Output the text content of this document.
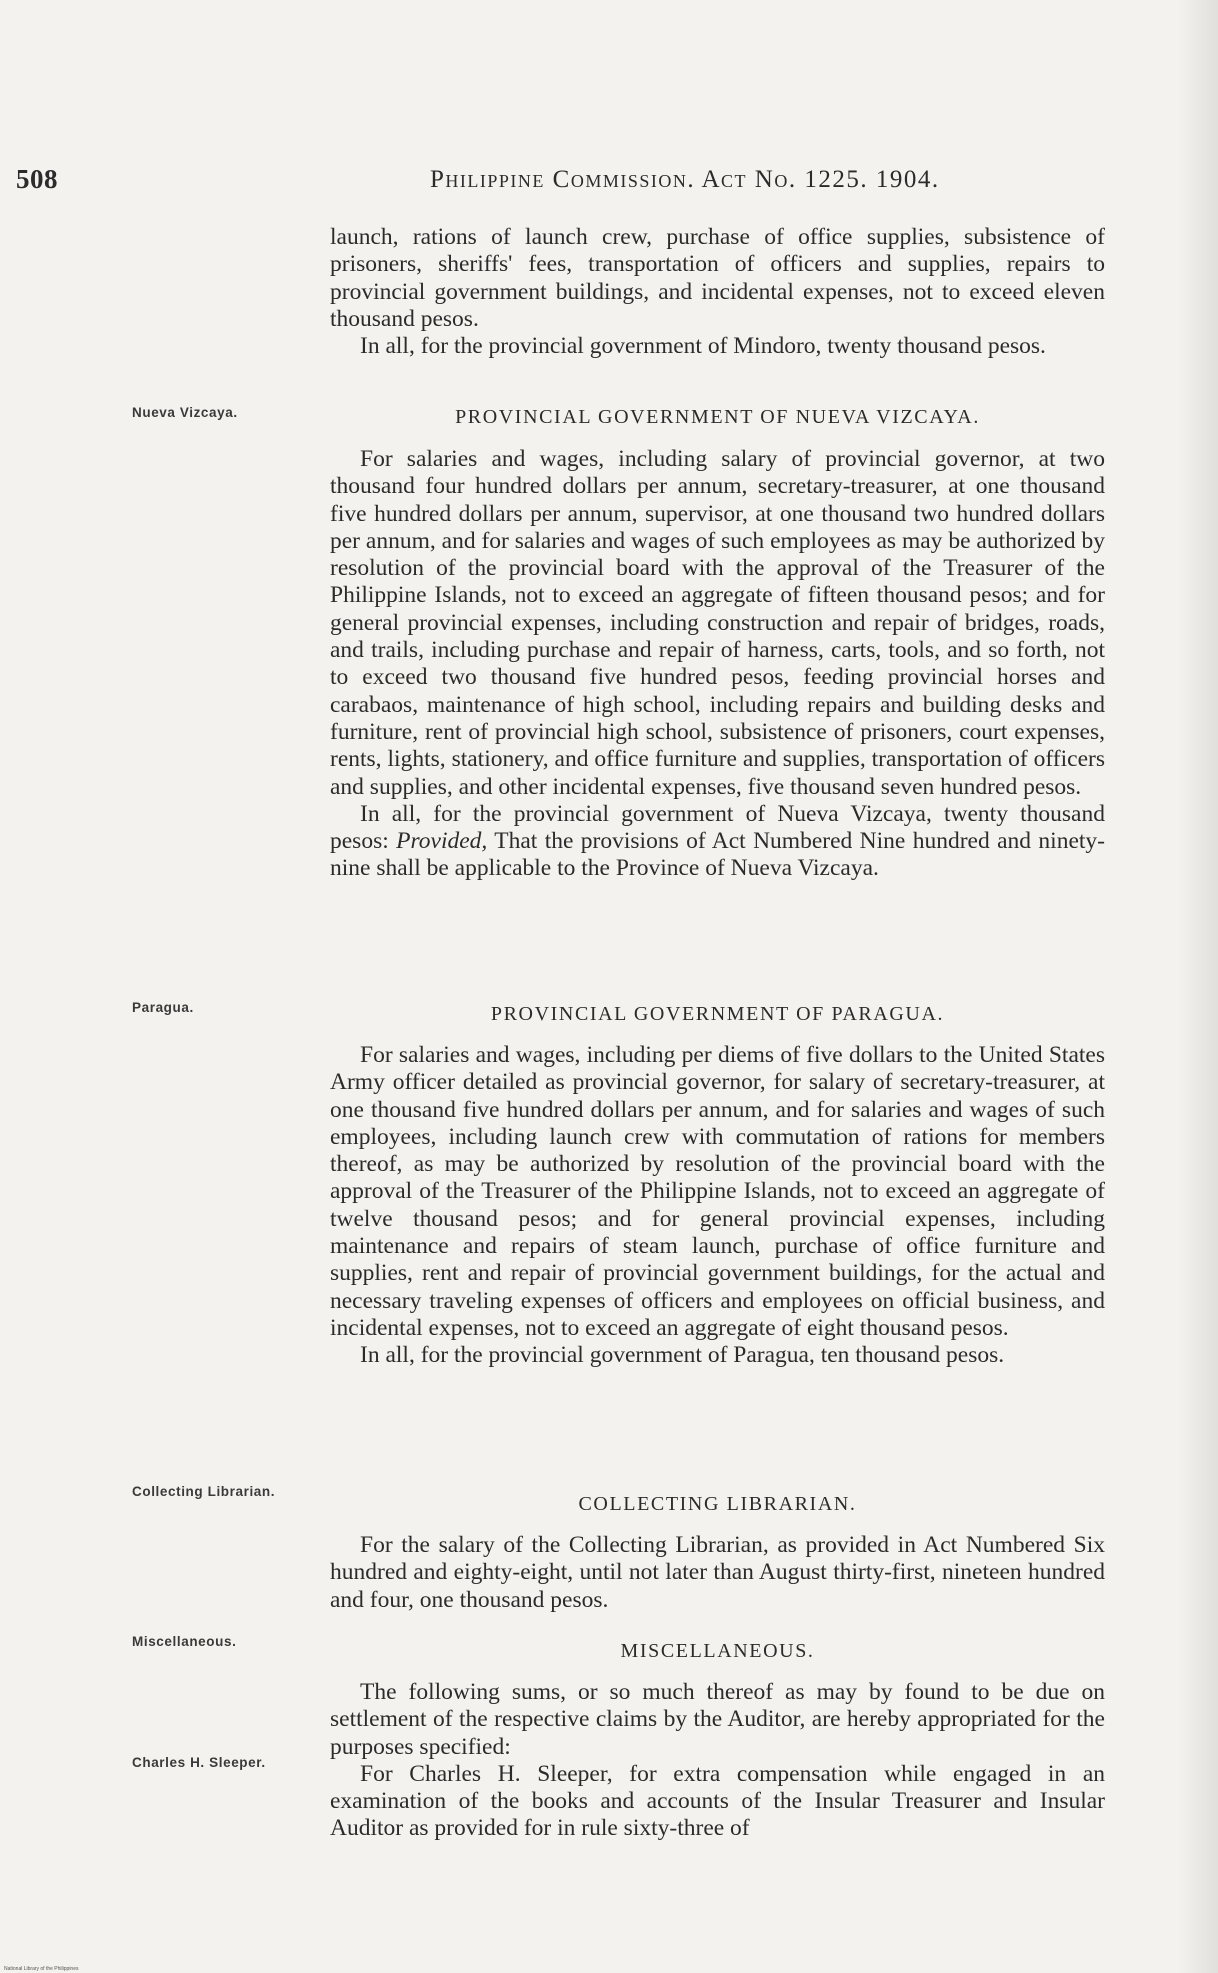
508	Philippine Commission. Act No. 1225. 1904.

launch, rations of launch crew, purchase of office supplies, subsistence of prisoners, sheriffs' fees, transportation of officers and supplies, repairs to provincial government buildings, and incidental expenses, not to exceed eleven thousand pesos.

In all, for the provincial government of Mindoro, twenty thousand pesos.

Nueva Vizcaya.	PROVINCIAL GOVERNMENT OF NUEVA VIZCAYA.

For salaries and wages, including salary of provincial governor, at two thousand four hundred dollars per annum, secretary-treasurer, at one thousand five hundred dollars per annum, supervisor, at one thousand two hundred dollars per annum, and for salaries and wages of such employees as may be authorized by resolution of the provincial board with the approval of the Treasurer of the Philippine Islands, not to exceed an aggregate of fifteen thousand pesos; and for general provincial expenses, including construction and repair of bridges, roads, and trails, including purchase and repair of harness, carts, tools, and so forth, not to exceed two thousand five hundred pesos, feeding provincial horses and carabaos, maintenance of high school, including repairs and building desks and furniture, rent of provincial high school, subsistence of prisoners, court expenses, rents, lights, stationery, and office furniture and supplies, transportation of officers and supplies, and other incidental expenses, five thousand seven hundred pesos.

In all, for the provincial government of Nueva Vizcaya, twenty thousand pesos: Provided, That the provisions of Act Numbered Nine hundred and ninety-nine shall be applicable to the Province of Nueva Vizcaya.

Paragua.	PROVINCIAL GOVERNMENT OF PARAGUA.

For salaries and wages, including per diems of five dollars to the United States Army officer detailed as provincial governor, for salary of secretary-treasurer, at one thousand five hundred dollars per annum, and for salaries and wages of such employees, including launch crew with commutation of rations for members thereof, as may be authorized by resolution of the provincial board with the approval of the Treasurer of the Philippine Islands, not to exceed an aggregate of twelve thousand pesos; and for general provincial expenses, including maintenance and repairs of steam launch, purchase of office furniture and supplies, rent and repair of provincial government buildings, for the actual and necessary traveling expenses of officers and employees on official business, and incidental expenses, not to exceed an aggregate of eight thousand pesos.

In all, for the provincial government of Paragua, ten thousand pesos.

Collecting Librarian.
COLLECTING LIBRARIAN.

For the salary of the Collecting Librarian, as provided in Act Numbered Six hundred and eighty-eight, until not later than August thirty-first, nineteen hundred and four, one thousand pesos.

Miscellaneous.	MISCELLANEOUS.

The following sums, or so much thereof as may by found to be due on settlement of the respective claims by the Auditor, are hereby appropriated for the purposes specified:

For Charles H. Sleeper, for extra compensation while engaged in an examination of the books and accounts of the Insular Treasurer and Insular Auditor as provided for in rule sixty-three of

Charles H. Sleeper.
National Library of the Philippines
